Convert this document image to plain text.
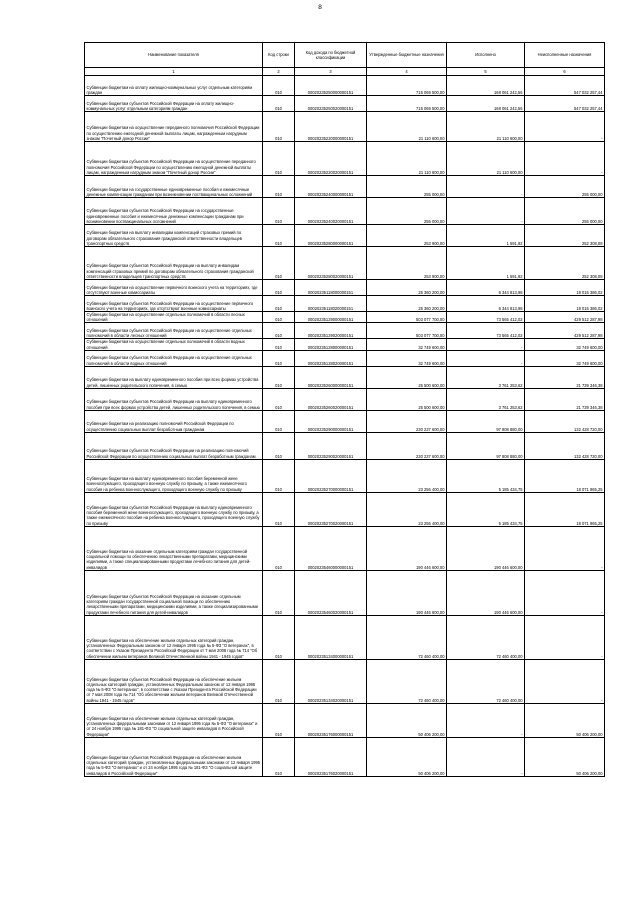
8
Наименование показателя	Код строки	Код дохода по бюджетной классификации	Утвержденные бюджетные назначения	Исполнено	Неисполненные назначения
1	2	3	4	5	6
Субвенции бюджетам на оплату жилищно-коммунальных услуг отдельным категориям граждан	010	00020235250000000151	715 069 500,00	168 061 242,56	547 032 257,44
Субвенции бюджетам субъектов Российской Федерации на оплату жилищно-коммунальных услуг отдельным категориям граждан	010	00020235250020000151	715 069 500,00	168 061 242,56	547 032 257,44
Субвенции бюджетам на осуществление переданного полномочия Российской Федерации по осуществлению ежегодной денежной выплаты лицам, награжденным нагрудным знаком "Почетный донор России"	010	00020235220000000151	21 110 600,00	21 110 600,00	-
Субвенции бюджетам субъектов Российской Федерации на осуществление переданного полномочия Российской Федерации по осуществлению ежегодной денежной выплаты лицам, награжденным нагрудным знаком "Почетный донор России"	010	00020235220020000151	21 110 600,00	21 110 600,00	-
Субвенции бюджетам на государственные единовременные пособия и ежемесячные денежные компенсации гражданам при возникновении поствакцинальных осложнений	010	00020235240000000151	255 000,00	-	255 000,00
Субвенции бюджетам субъектов Российской Федерации на государственные единовременные пособия и ежемесячные денежные компенсации гражданам при возникновении поствакцинальных осложнений	010	00020235240020000151	255 000,00	-	255 000,00
Субвенции бюджетам на выплату инвалидам компенсаций страховых премий по договорам обязательного страхования гражданской ответственности владельцев транспортных средств	010	00020235280000000151	253 900,00	1 591,92	252 308,08
Субвенции бюджетам субъектов Российской Федерации на выплату инвалидам компенсаций страховых премий по договорам обязательного страхования гражданской ответственности владельцев транспортных средств	010	00020235280020000151	253 900,00	1 591,92	252 308,08
Субвенции бюджетам на осуществление первичного воинского учета на территориях, где отсутствуют военные комиссариаты	010	00020235118000000151	25 360 200,00	6 344 813,98	19 015 386,02
Субвенции бюджетам субъектов Российской Федерации на осуществление первичного воинского учета на территориях, где отсутствуют военные комиссариаты	010	00020235118020000151	25 360 200,00	6 344 813,98	19 015 386,02
Субвенции бюджетам на осуществление отдельных полномочий в области лесных отношений	010	00020235129000000151	503 077 700,00	73 565 412,02	429 512 287,98
Субвенции бюджетам субъектов Российской Федерации на осуществление отдельных полномочий в области лесных отношений	010	00020235129020000151	503 077 700,00	73 565 412,02	429 512 287,98
Субвенции бюджетам на осуществление отдельных полномочий в области водных отношений	010	00020235128000000151	32 749 600,00	-	32 749 600,00
Субвенции бюджетам субъектов Российской Федерации на осуществление отдельных полномочий в области водных отношений	010	00020235128020000151	32 749 600,00	-	32 749 600,00
Субвенции бюджетам на выплату единовременного пособия при всех формах устройства детей, лишенных родительского попечения, в семью	010	00020235260000000151	25 500 600,00	3 761 253,62	21 739 346,38
Субвенции бюджетам субъектов Российской Федерации на выплату единовременного пособия при всех формах устройства детей, лишенных родительского попечения, в семью	010	00020235260020000151	25 500 600,00	3 761 253,62	21 739 346,38
Субвенции бюджетам на реализацию полномочий Российской Федерации по осуществлению социальных выплат безработным гражданам	010	00020235290000000151	230 237 600,00	97 808 880,00	132 428 720,00
Субвенции бюджетам субъектов Российской Федерации на реализацию полномочий Российской Федерации по осуществлению социальных выплат безработным гражданам	010	00020235290020000151	230 237 600,00	97 808 880,00	132 428 720,00
Субвенции бюджетам на выплату единовременного пособия беременной жене военнослужащего, проходящего военную службу по призыву, а также ежемесячного пособия на ребенка военнослужащего, проходящего военную службу по призыву	010	00020235270000000151	23 256 400,00	5 185 434,75	18 071 965,25
Субвенции бюджетам субъектов Российской Федерации на выплату единовременного пособия беременной жене военнослужащего, проходящего военную службу по призыву, а также ежемесячного пособия на ребенка военнослужащего, проходящего военную службу по призыву	010	00020235270020000151	23 256 400,00	5 185 434,75	18 071 965,25
Субвенции бюджетам на оказание отдельным категориям граждан государственной социальной помощи по обеспечению лекарственными препаратами, медицинскими изделиями, а также специализированными продуктами лечебного питания для детей-инвалидов	010	00020235460000000151	190 446 600,00	190 446 600,00	-
Субвенции бюджетам субъектов Российской Федерации на оказание отдельным категориям граждан государственной социальной помощи по обеспечению лекарственными препаратами, медицинскими изделиями, а также специализированными продуктами лечебного питания для детей-инвалидов	010	00020235460020000151	190 446 600,00	190 446 600,00	-
Субвенции бюджетам на обеспечение жильем отдельных категорий граждан, установленных Федеральным законом от 12 января 1995 года № 5-ФЗ "О ветеранах", в соответствии с Указом Президента Российской Федерации от 7 мая 2008 года № 714 "Об обеспечении жильем ветеранов Великой Отечественной войны 1941 - 1945 годов"	010	00020235134000000151	72 460 400,00	72 460 400,00	-
Субвенции бюджетам субъектов Российской Федерации на обеспечение жильем отдельных категорий граждан, установленных Федеральным законом от 12 января 1995 года № 5-ФЗ "О ветеранах", в соответствии с Указом Президента Российской Федерации от 7 мая 2008 года № 714 "Об обеспечении жильем ветеранов Великой Отечественной войны 1941 - 1945 годов"	010	00020235134020000151	72 460 400,00	72 460 400,00	-
Субвенции бюджетам на обеспечение жильем отдельных категорий граждан, установленных федеральными законами от 12 января 1995 года № 5-ФЗ "О ветеранах" и от 24 ноября 1995 года № 181-ФЗ "О социальной защите инвалидов в Российской Федерации"	010	00020235176000000151	50 406 200,00	-	50 406 200,00
Субвенции бюджетам субъектов Российской Федерации на обеспечение жильем отдельных категорий граждан, установленных федеральными законами от 12 января 1995 года № 5-ФЗ "О ветеранах" и от 24 ноября 1995 года № 181-ФЗ "О социальной защите инвалидов в Российской Федерации"	010	00020235176020000151	50 406 200,00	-	50 406 200,00
